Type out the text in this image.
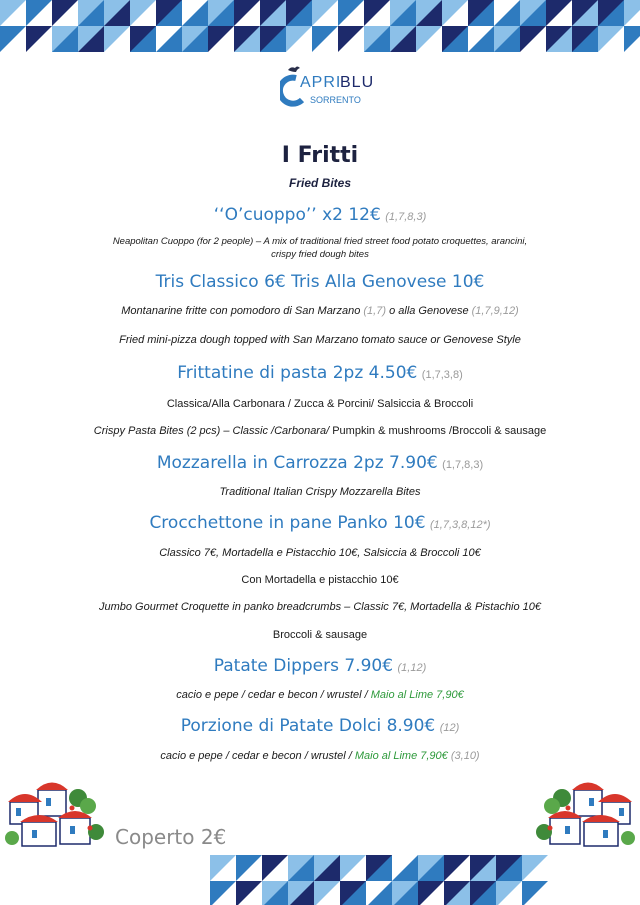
APRI
BLU
SORRENTO
I Fritti
Fried Bites
‘‘O’cuoppo’’ x2 12€ (1,7,8,3)
Neapolitan Cuoppo (for 2 people) – A mix of traditional fried street food potato croquettes, arancini,
crispy fried dough bites
Tris Classico 6€ Tris Alla Genovese 10€
Montanarine fritte con pomodoro di San Marzano (1,7) o alla Genovese (1,7,9,12)
Fried mini-pizza dough topped with San Marzano tomato sauce or Genovese Style
Frittatine di pasta 2pz 4.50€ (1,7,3,8)
Classica/Alla Carbonara / Zucca & Porcini/ Salsiccia & Broccoli
Crispy Pasta Bites (2 pcs) – Classic /Carbonara/ Pumpkin & mushrooms /Broccoli & sausage
Mozzarella in Carrozza 2pz 7.90€ (1,7,8,3)
Traditional Italian Crispy Mozzarella Bites
Crocchettone in pane Panko 10€ (1,7,3,8,12*)
Classico 7€, Mortadella e Pistacchio 10€, Salsiccia & Broccoli 10€
Con Mortadella e pistacchio 10€
Jumbo Gourmet Croquette in panko breadcrumbs – Classic 7€, Mortadella & Pistachio 10€
Broccoli & sausage
Patate Dippers 7.90€ (1,12)
cacio e pepe / cedar e becon / wrustel / Maio al Lime 7,90€
Porzione di Patate Dolci 8.90€ (12)
cacio e pepe / cedar e becon / wrustel / Maio al Lime 7,90€ (3,10)
Coperto 2€
